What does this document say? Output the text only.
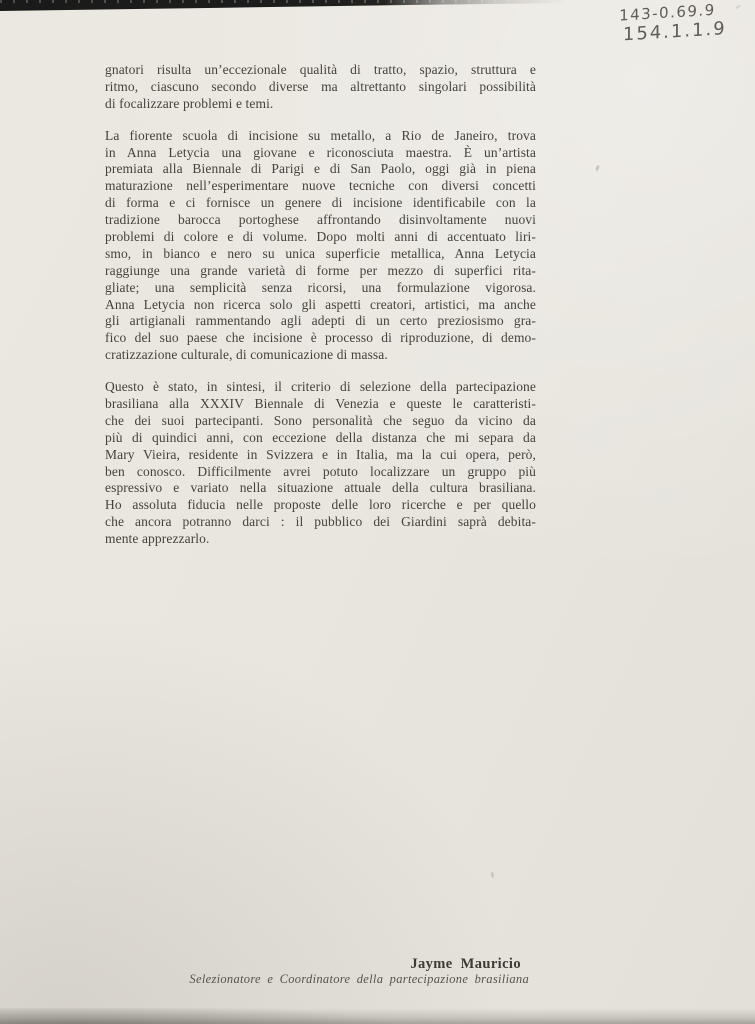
143-0.69.9
154.1.1.9

gnatori risulta un’eccezionale qualità di tratto, spazio, struttura e
ritmo, ciascuno secondo diverse ma altrettanto singolari possibilità
di focalizzare problemi e temi.

La fiorente scuola di incisione su metallo, a Rio de Janeiro, trova
in Anna Letycia una giovane e riconosciuta maestra. È un’artista
premiata alla Biennale di Parigi e di San Paolo, oggi già in piena
maturazione nell’esperimentare nuove tecniche con diversi concetti
di forma e ci fornisce un genere di incisione identificabile con la
tradizione barocca portoghese affrontando disinvoltamente nuovi
problemi di colore e di volume. Dopo molti anni di accentuato liri-
smo, in bianco e nero su unica superficie metallica, Anna Letycia
raggiunge una grande varietà di forme per mezzo di superfici rita-
gliate; una semplicità senza ricorsi, una formulazione vigorosa.
Anna Letycia non ricerca solo gli aspetti creatori, artistici, ma anche
gli artigianali rammentando agli adepti di un certo preziosismo gra-
fico del suo paese che incisione è processo di riproduzione, di demo-
cratizzazione culturale, di comunicazione di massa.

Questo è stato, in sintesi, il criterio di selezione della partecipazione
brasiliana alla XXXIV Biennale di Venezia e queste le caratteristi-
che dei suoi partecipanti. Sono personalità che seguo da vicino da
più di quindici anni, con eccezione della distanza che mi separa da
Mary Vieira, residente in Svizzera e in Italia, ma la cui opera, però,
ben conosco. Difficilmente avrei potuto localizzare un gruppo più
espressivo e variato nella situazione attuale della cultura brasiliana.
Ho assoluta fiducia nelle proposte delle loro ricerche e per quello
che ancora potranno darci : il pubblico dei Giardini saprà debita-
mente apprezzarlo.

Jayme Mauricio
Selezionatore e Coordinatore della partecipazione brasiliana
